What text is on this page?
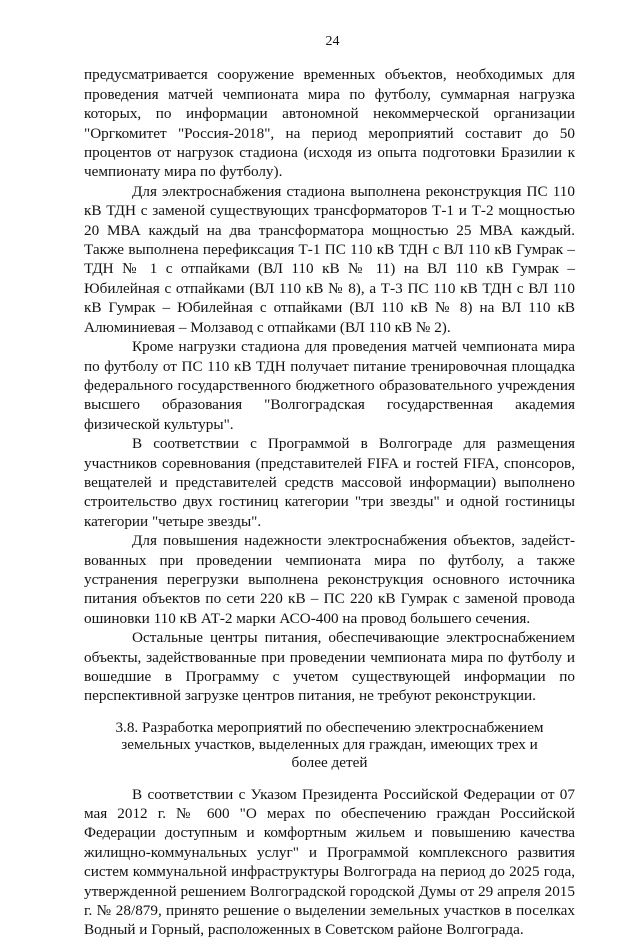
24

предусматривается сооружение временных объектов, необходимых для проведения матчей чемпионата мира по футболу, суммарная нагрузка которых, по информации автономной некоммерческой организации "Оргкомитет "Россия-2018", на период мероприятий составит до 50 процентов от нагрузок стадиона (исходя из опыта подготовки Бразилии к чемпионату мира по футболу).

Для электроснабжения стадиона выполнена реконструкция ПС 110 кВ ТДН с заменой существующих трансформаторов Т-1 и Т-2 мощностью 20 МВА каждый на два трансформатора мощностью 25 МВА каждый. Также выполнена перефиксация Т-1 ПС 110 кВ ТДН с ВЛ 110 кВ Гумрак – ТДН № 1 с отпайками (ВЛ 110 кВ № 11) на ВЛ 110 кВ Гумрак – Юбилейная с отпайками (ВЛ 110 кВ № 8), а Т-3 ПС 110 кВ ТДН с ВЛ 110 кВ Гумрак – Юбилейная с отпайками (ВЛ 110 кВ № 8) на ВЛ 110 кВ Алюминиевая – Молзавод с отпайками (ВЛ 110 кВ № 2).

Кроме нагрузки стадиона для проведения матчей чемпионата мира по футболу от ПС 110 кВ ТДН получает питание тренировочная площадка федерального государственного бюджетного образовательного учреждения высшего образования "Волгоградская государственная академия физической культуры".

В соответствии с Программой в Волгограде для размещения участников соревнования (представителей FIFA и гостей FIFA, спонсоров, вещателей и представителей средств массовой информации) выполнено строительство двух гостиниц категории "три звезды" и одной гостиницы категории "четыре звезды".

Для повышения надежности электроснабжения объектов, задейст-вованных при проведении чемпионата мира по футболу, а также устранения перегрузки выполнена реконструкция основного источника питания объектов по сети 220 кВ – ПС 220 кВ Гумрак с заменой провода ошиновки 110 кВ АТ-2 марки АСО-400 на провод большего сечения.

Остальные центры питания, обеспечивающие электроснабжением объекты, задействованные при проведении чемпионата мира по футболу и вошедшие в Программу с учетом существующей информации по перспективной загрузке центров питания, не требуют реконструкции.

3.8. Разработка мероприятий по обеспечению электроснабжением земельных участков, выделенных для граждан, имеющих трех и более детей

В соответствии с Указом Президента Российской Федерации от 07 мая 2012 г. № 600 "О мерах по обеспечению граждан Российской Федерации доступным и комфортным жильем и повышению качества жилищно-коммунальных услуг" и Программой комплексного развития систем коммунальной инфраструктуры Волгограда на период до 2025 года, утвержденной решением Волгоградской городской Думы от 29 апреля 2015 г. № 28/879, принято решение о выделении земельных участков в поселках Водный и Горный, расположенных в Советском районе Волгограда.
